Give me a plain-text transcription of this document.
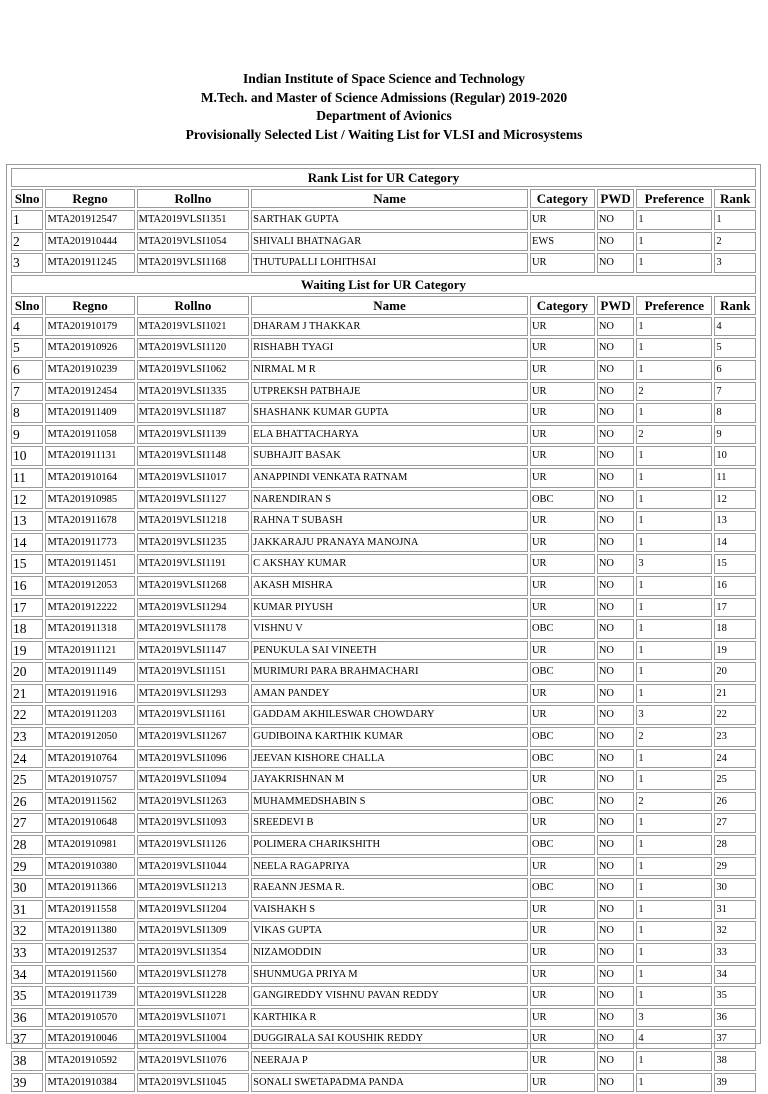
Indian Institute of Space Science and Technology
M.Tech. and Master of Science Admissions (Regular) 2019-2020
Department of Avionics
Provisionally Selected List / Waiting List for VLSI and Microsystems
Rank List for UR Category							
Slno	Regno	Rollno	Name	Category	PWD	Preference	Rank
1	MTA201912547	MTA2019VLSI1351	SARTHAK GUPTA	UR	NO	1	1
2	MTA201910444	MTA2019VLSI1054	SHIVALI BHATNAGAR	EWS	NO	1	2
3	MTA201911245	MTA2019VLSI1168	THUTUPALLI LOHITHSAI	UR	NO	1	3
Waiting List for UR Category							
Slno	Regno	Rollno	Name	Category	PWD	Preference	Rank
4	MTA201910179	MTA2019VLSI1021	DHARAM J THAKKAR	UR	NO	1	4
5	MTA201910926	MTA2019VLSI1120	RISHABH TYAGI	UR	NO	1	5
6	MTA201910239	MTA2019VLSI1062	NIRMAL M R	UR	NO	1	6
7	MTA201912454	MTA2019VLSI1335	UTPREKSH PATBHAJE	UR	NO	2	7
8	MTA201911409	MTA2019VLSI1187	SHASHANK KUMAR GUPTA	UR	NO	1	8
9	MTA201911058	MTA2019VLSI1139	ELA BHATTACHARYA	UR	NO	2	9
10	MTA201911131	MTA2019VLSI1148	SUBHAJIT BASAK	UR	NO	1	10
11	MTA201910164	MTA2019VLSI1017	ANAPPINDI VENKATA RATNAM	UR	NO	1	11
12	MTA201910985	MTA2019VLSI1127	NARENDIRAN S	OBC	NO	1	12
13	MTA201911678	MTA2019VLSI1218	RAHNA T SUBASH	UR	NO	1	13
14	MTA201911773	MTA2019VLSI1235	JAKKARAJU PRANAYA MANOJNA	UR	NO	1	14
15	MTA201911451	MTA2019VLSI1191	C AKSHAY KUMAR	UR	NO	3	15
16	MTA201912053	MTA2019VLSI1268	AKASH MISHRA	UR	NO	1	16
17	MTA201912222	MTA2019VLSI1294	KUMAR PIYUSH	UR	NO	1	17
18	MTA201911318	MTA2019VLSI1178	VISHNU V	OBC	NO	1	18
19	MTA201911121	MTA2019VLSI1147	PENUKULA SAI VINEETH	UR	NO	1	19
20	MTA201911149	MTA2019VLSI1151	MURIMURI PARA BRAHMACHARI	OBC	NO	1	20
21	MTA201911916	MTA2019VLSI1293	AMAN PANDEY	UR	NO	1	21
22	MTA201911203	MTA2019VLSI1161	GADDAM AKHILESWAR CHOWDARY	UR	NO	3	22
23	MTA201912050	MTA2019VLSI1267	GUDIBOINA KARTHIK KUMAR	OBC	NO	2	23
24	MTA201910764	MTA2019VLSI1096	JEEVAN KISHORE CHALLA	OBC	NO	1	24
25	MTA201910757	MTA2019VLSI1094	JAYAKRISHNAN M	UR	NO	1	25
26	MTA201911562	MTA2019VLSI1263	MUHAMMEDSHABIN S	OBC	NO	2	26
27	MTA201910648	MTA2019VLSI1093	SREEDEVI B	UR	NO	1	27
28	MTA201910981	MTA2019VLSI1126	POLIMERA CHARIKSHITH	OBC	NO	1	28
29	MTA201910380	MTA2019VLSI1044	NEELA RAGAPRIYA	UR	NO	1	29
30	MTA201911366	MTA2019VLSI1213	RAEANN JESMA R.	OBC	NO	1	30
31	MTA201911558	MTA2019VLSI1204	VAISHAKH S	UR	NO	1	31
32	MTA201911380	MTA2019VLSI1309	VIKAS GUPTA	UR	NO	1	32
33	MTA201912537	MTA2019VLSI1354	NIZAMODDIN	UR	NO	1	33
34	MTA201911560	MTA2019VLSI1278	SHUNMUGA PRIYA M	UR	NO	1	34
35	MTA201911739	MTA2019VLSI1228	GANGIREDDY VISHNU PAVAN REDDY	UR	NO	1	35
36	MTA201910570	MTA2019VLSI1071	KARTHIKA R	UR	NO	3	36
37	MTA201910046	MTA2019VLSI1004	DUGGIRALA SAI KOUSHIK REDDY	UR	NO	4	37
38	MTA201910592	MTA2019VLSI1076	NEERAJA P	UR	NO	1	38
39	MTA201910384	MTA2019VLSI1045	SONALI SWETAPADMA PANDA	UR	NO	1	39
